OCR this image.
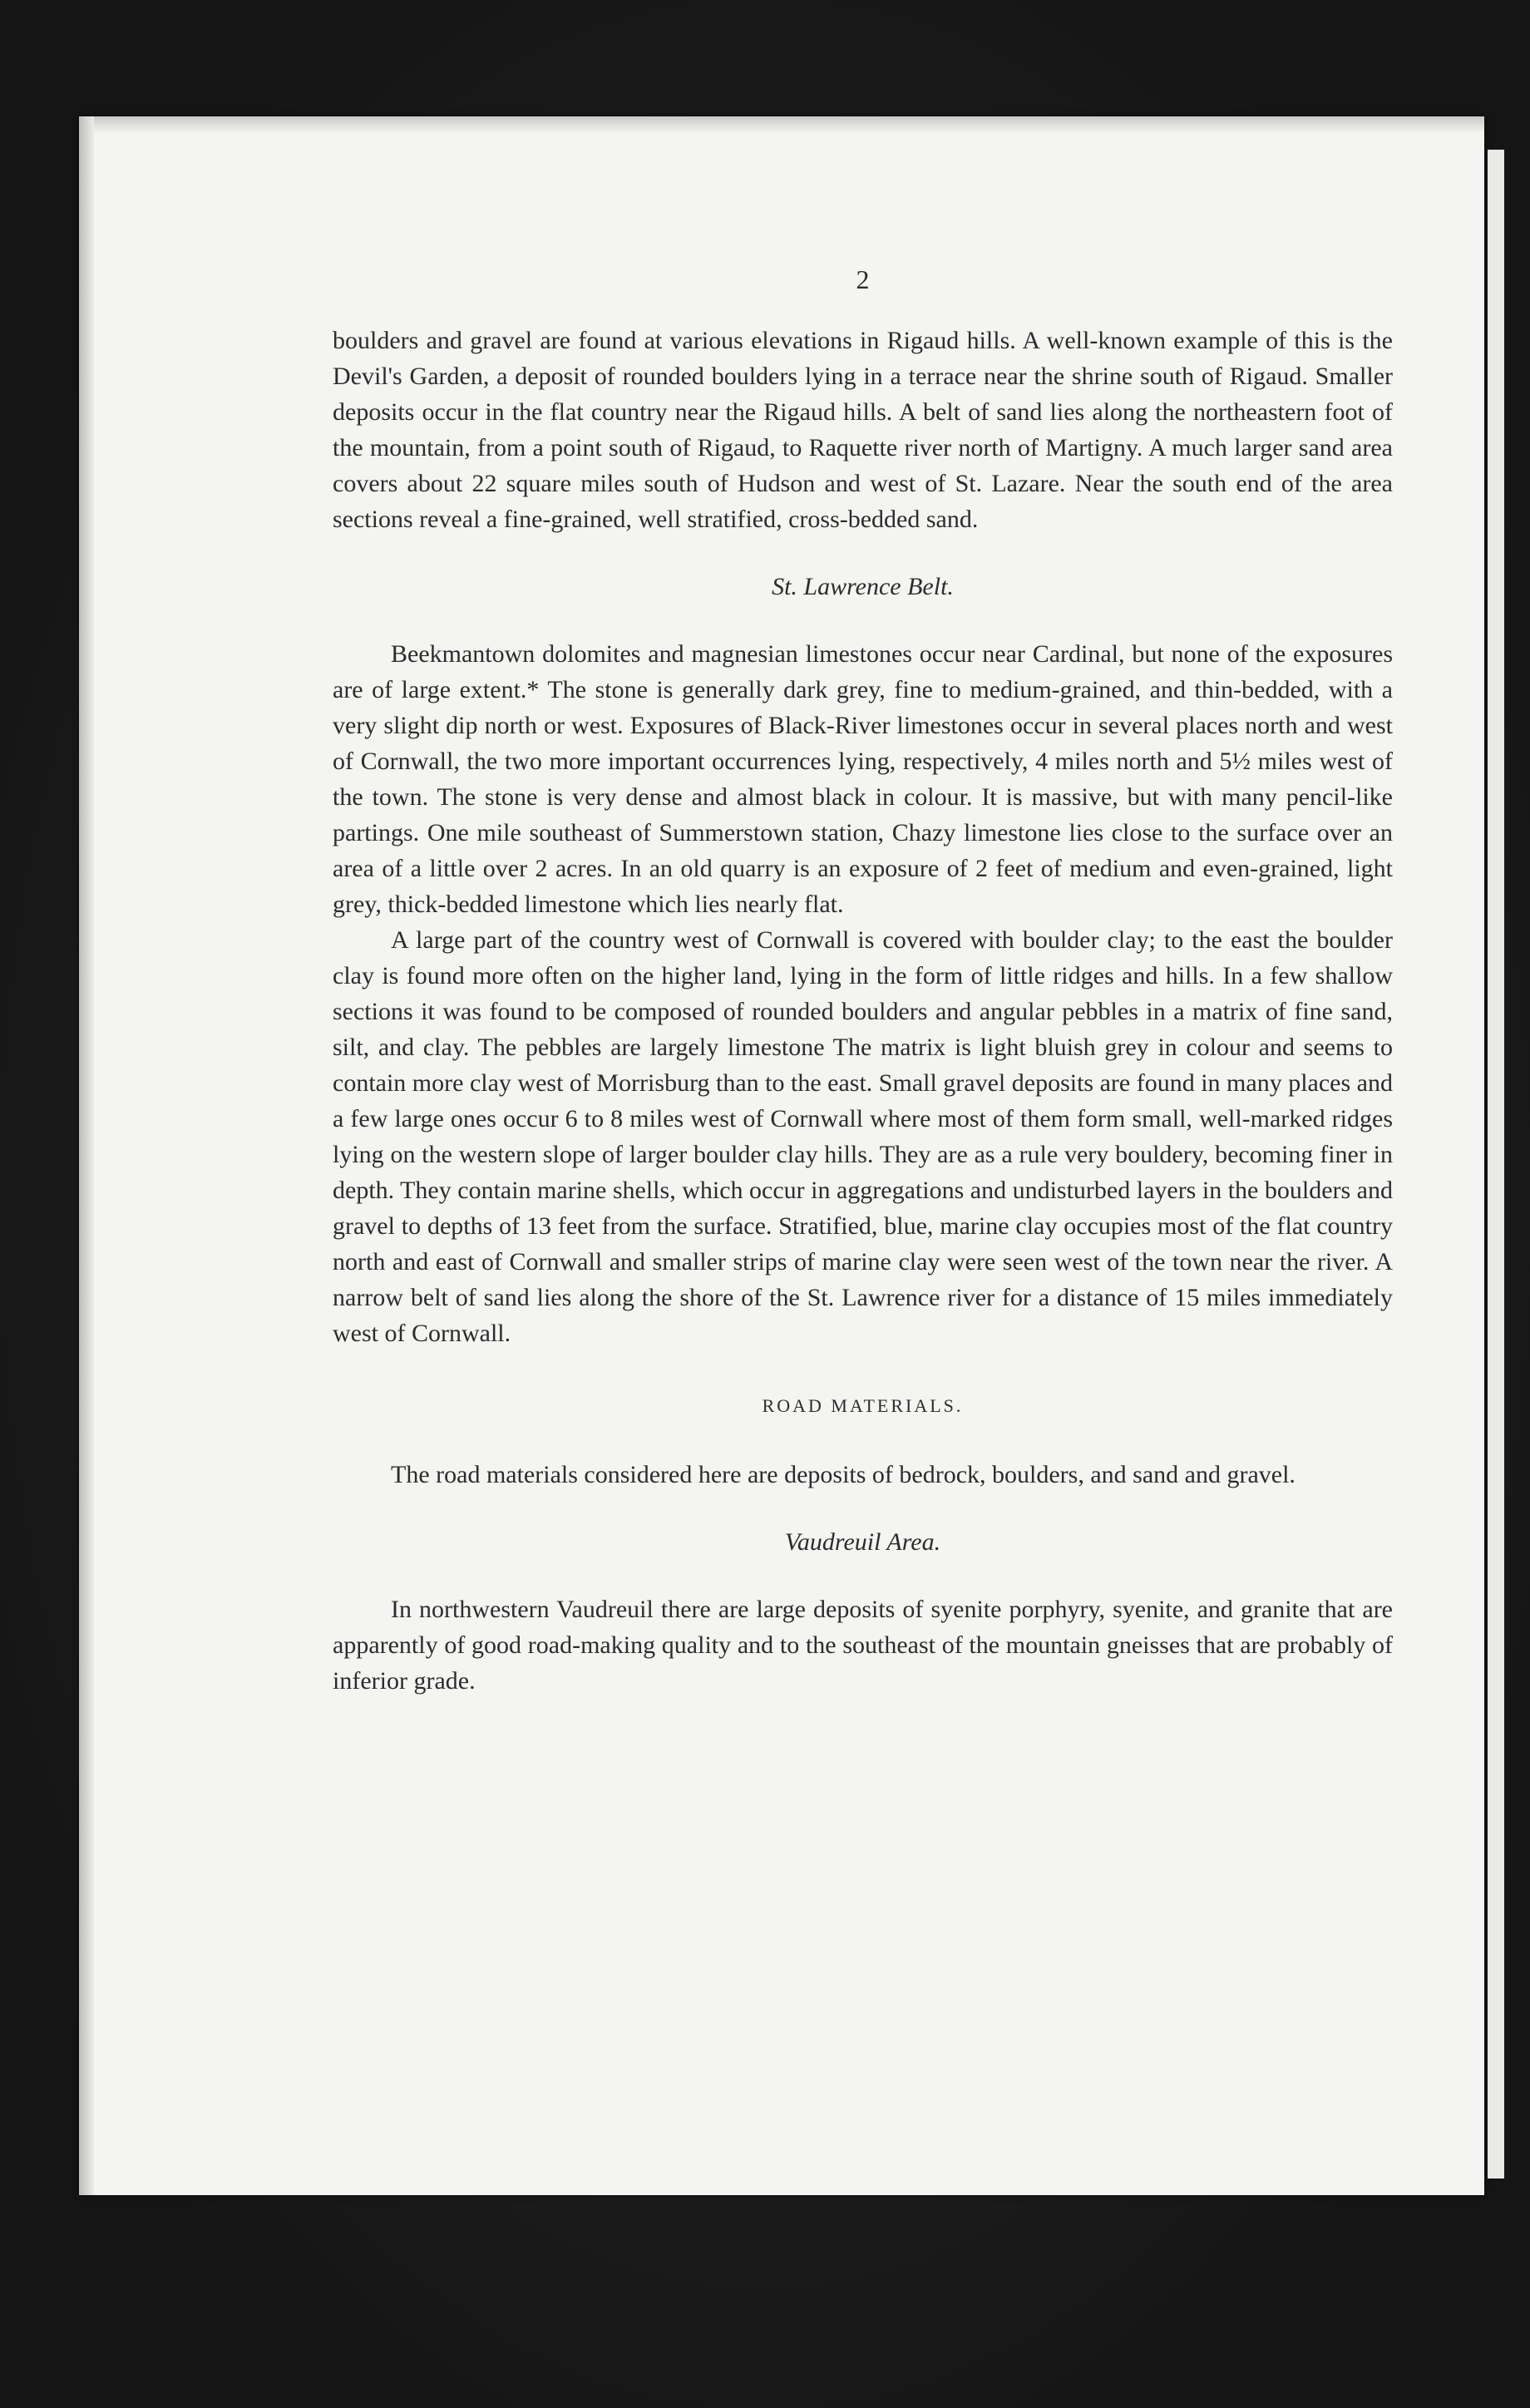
2

boulders and gravel are found at various elevations in Rigaud hills. A well-known example of this is the Devil's Garden, a deposit of rounded boulders lying in a terrace near the shrine south of Rigaud. Smaller deposits occur in the flat country near the Rigaud hills. A belt of sand lies along the northeastern foot of the mountain, from a point south of Rigaud, to Raquette river north of Martigny. A much larger sand area covers about 22 square miles south of Hudson and west of St. Lazare. Near the south end of the area sections reveal a fine-grained, well stratified, cross-bedded sand.

St. Lawrence Belt.

Beekmantown dolomites and magnesian limestones occur near Cardinal, but none of the exposures are of large extent.* The stone is generally dark grey, fine to medium-grained, and thin-bedded, with a very slight dip north or west. Exposures of Black-River limestones occur in several places north and west of Cornwall, the two more important occurrences lying, respectively, 4 miles north and 5½ miles west of the town. The stone is very dense and almost black in colour. It is massive, but with many pencil-like partings. One mile southeast of Summerstown station, Chazy limestone lies close to the surface over an area of a little over 2 acres. In an old quarry is an exposure of 2 feet of medium and even-grained, light grey, thick-bedded limestone which lies nearly flat.

A large part of the country west of Cornwall is covered with boulder clay; to the east the boulder clay is found more often on the higher land, lying in the form of little ridges and hills. In a few shallow sections it was found to be composed of rounded boulders and angular pebbles in a matrix of fine sand, silt, and clay. The pebbles are largely limestone The matrix is light bluish grey in colour and seems to contain more clay west of Morrisburg than to the east. Small gravel deposits are found in many places and a few large ones occur 6 to 8 miles west of Cornwall where most of them form small, well-marked ridges lying on the western slope of larger boulder clay hills. They are as a rule very bouldery, becoming finer in depth. They contain marine shells, which occur in aggregations and undisturbed layers in the boulders and gravel to depths of 13 feet from the surface. Stratified, blue, marine clay occupies most of the flat country north and east of Cornwall and smaller strips of marine clay were seen west of the town near the river. A narrow belt of sand lies along the shore of the St. Lawrence river for a distance of 15 miles immediately west of Cornwall.

ROAD MATERIALS.

The road materials considered here are deposits of bedrock, boulders, and sand and gravel.

Vaudreuil Area.

In northwestern Vaudreuil there are large deposits of syenite porphyry, syenite, and granite that are apparently of good road-making quality and to the southeast of the mountain gneisses that are probably of inferior grade.
